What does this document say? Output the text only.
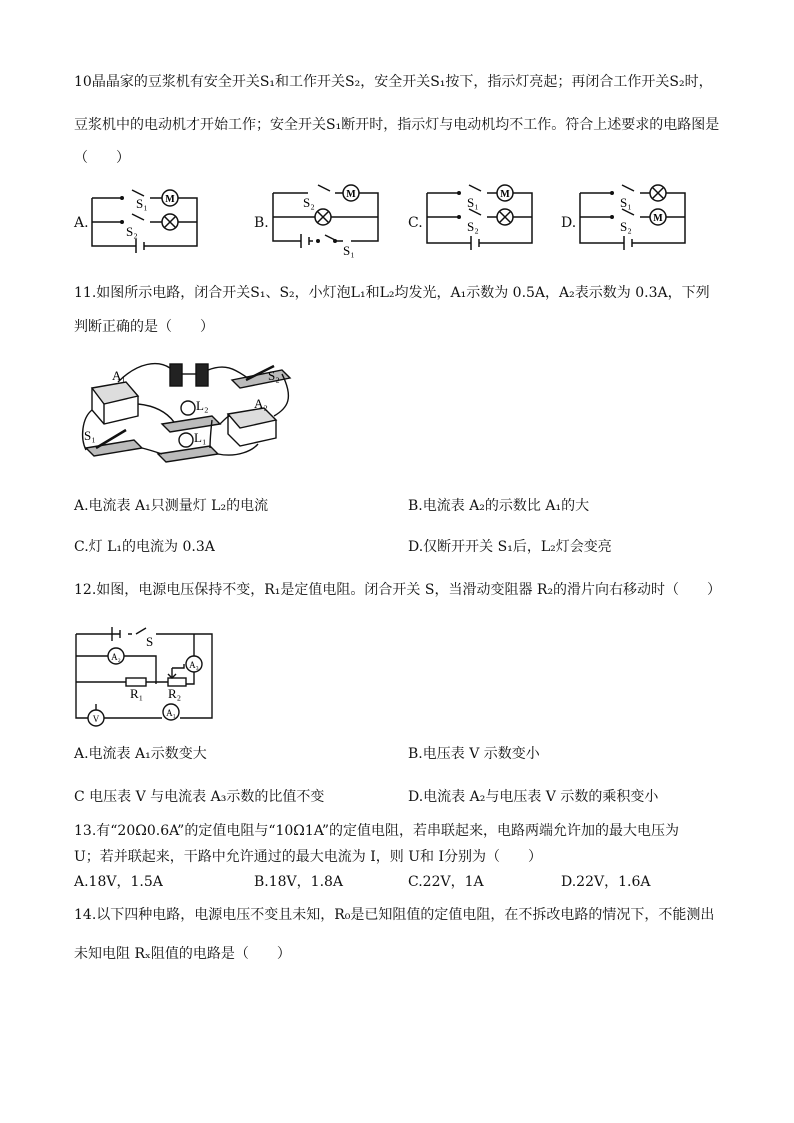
10晶晶家的豆浆机有安全开关S₁和工作开关S₂，安全开关S₁按下，指示灯亮起；再闭合工作开关S₂时，
豆浆机中的电动机才开始工作；安全开关S₁断开时，指示灯与电动机均不工作。符合上述要求的电路图是
（　　）
A.
M
S₁
S₂
B.
M
S₂
S₁
C.
M
S₁
S₂	D.	M
S₁
S₂
11.如图所示电路，闭合开关S₁、S₂，小灯泡L₁和L₂均发光，A₁示数为 0.5A，A₂表示数为 0.3A，下列
判断正确的是（　　）
A₁
A₂
S₂
S₁
L₂
L₁
A.电流表 A₁只测量灯 L₂的电流	B.电流表 A₂的示数比 A₁的大
C.灯 L₁的电流为 0.3A	D.仅断开开关 S₁后，L₂灯会变亮
12.如图，电源电压保持不变，R₁是定值电阻。闭合开关 S，当滑动变阻器 R₂的滑片向右移动时（　　）
S
A₂
A₃
R₁ R₂
V
A₁
A.电流表 A₁示数变大	B.电压表 V 示数变小
C 电压表 V 与电流表 A₃示数的比值不变	D.电流表 A₂与电压表 V 示数的乘积变小
13.有“20Ω0.6A”的定值电阻与“10Ω1A”的定值电阻，若串联起来，电路两端允许加的最大电压为
U；若并联起来，干路中允许通过的最大电流为 I，则 U和 I分别为（　　）
A.18V，1.5A	B.18V，1.8A	C.22V，1A	D.22V，1.6A
14.以下四种电路，电源电压不变且未知，R₀是已知阻值的定值电阻，在不拆改电路的情况下，不能测出
未知电阻 Rₓ阻值的电路是（　　）
